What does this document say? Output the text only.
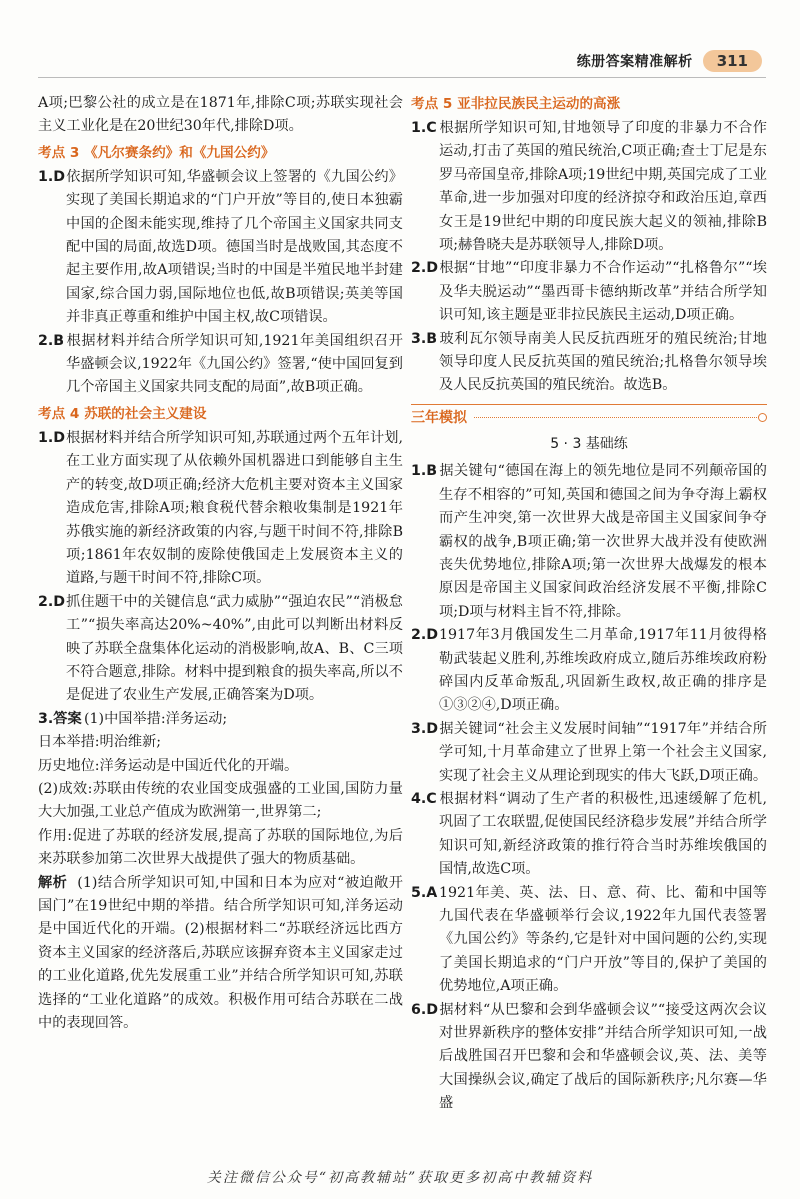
练册答案精准解析	311

A项;巴黎公社的成立是在1871年,排除C项;苏联实现社会主义工业化是在20世纪30年代,排除D项。

考点 3 《凡尔赛条约》和《九国公约》

1.D依据所学知识可知,华盛顿会议上签署的《九国公约》实现了美国长期追求的“门户开放”等目的,使日本独霸中国的企图未能实现,维持了几个帝国主义国家共同支配中国的局面,故选D项。德国当时是战败国,其态度不起主要作用,故A项错误;当时的中国是半殖民地半封建国家,综合国力弱,国际地位也低,故B项错误;英美等国并非真正尊重和维护中国主权,故C项错误。

2.B 根据材料并结合所学知识可知,1921年美国组织召开华盛顿会议,1922年《九国公约》签署,“使中国回复到几个帝国主义国家共同支配的局面”,故B项正确。

考点 4 苏联的社会主义建设

1.D根据材料并结合所学知识可知,苏联通过两个五年计划,在工业方面实现了从依赖外国机器进口到能够自主生产的转变,故D项正确;经济大危机主要对资本主义国家造成危害,排除A项;粮食税代替余粮收集制是1921年苏俄实施的新经济政策的内容,与题干时间不符,排除B项;1861年农奴制的废除使俄国走上发展资本主义的道路,与题干时间不符,排除C项。

2.D抓住题干中的关键信息“武力威胁”“强迫农民”“消极怠工”“损失率高达20%~40%”,由此可以判断出材料反映了苏联全盘集体化运动的消极影响,故A、B、C三项不符合题意,排除。材料中提到粮食的损失率高,所以不是促进了农业生产发展,正确答案为D项。

3.答案 (1)中国举措:洋务运动;

日本举措:明治维新;

历史地位:洋务运动是中国近代化的开端。

(2)成效:苏联由传统的农业国变成强盛的工业国,国防力量大大加强,工业总产值成为欧洲第一,世界第二;

作用:促进了苏联的经济发展,提高了苏联的国际地位,为后来苏联参加第二次世界大战提供了强大的物质基础。

解析 (1)结合所学知识可知,中国和日本为应对“被迫敞开国门”在19世纪中期的举措。结合所学知识可知,洋务运动是中国近代化的开端。(2)根据材料二“苏联经济远比西方资本主义国家的经济落后,苏联应该摒弃资本主义国家走过的工业化道路,优先发展重工业”并结合所学知识可知,苏联选择的“工业化道路”的成效。积极作用可结合苏联在二战中的表现回答。

考点 5 亚非拉民族民主运动的高涨

1.C 根据所学知识可知,甘地领导了印度的非暴力不合作运动,打击了英国的殖民统治,C项正确;查士丁尼是东罗马帝国皇帝,排除A项;19世纪中期,英国完成了工业革命,进一步加强对印度的经济掠夺和政治压迫,章西女王是19世纪中期的印度民族大起义的领袖,排除B项;赫鲁晓夫是苏联领导人,排除D项。

2.D根据“甘地”“印度非暴力不合作运动”“扎格鲁尔”“埃及华夫脱运动”“墨西哥卡德纳斯改革”并结合所学知识可知,该主题是亚非拉民族民主运动,D项正确。

3.B 玻利瓦尔领导南美人民反抗西班牙的殖民统治;甘地领导印度人民反抗英国的殖民统治;扎格鲁尔领导埃及人民反抗英国的殖民统治。故选B。

三年模拟
5 · 3 基础练

1.B 据关键句“德国在海上的领先地位是同不列颠帝国的生存不相容的”可知,英国和德国之间为争夺海上霸权而产生冲突,第一次世界大战是帝国主义国家间争夺霸权的战争,B项正确;第一次世界大战并没有使欧洲丧失优势地位,排除A项;第一次世界大战爆发的根本原因是帝国主义国家间政治经济发展不平衡,排除C项;D项与材料主旨不符,排除。

2.D1917年3月俄国发生二月革命,1917年11月彼得格勒武装起义胜利,苏维埃政府成立,随后苏维埃政府粉碎国内反革命叛乱,巩固新生政权,故正确的排序是①③②④,D项正确。

3.D据关键词“社会主义发展时间轴”“1917年”并结合所学可知,十月革命建立了世界上第一个社会主义国家,实现了社会主义从理论到现实的伟大飞跃,D项正确。

4.C 根据材料“调动了生产者的积极性,迅速缓解了危机,巩固了工农联盟,促使国民经济稳步发展”并结合所学知识可知,新经济政策的推行符合当时苏维埃俄国的国情,故选C项。

5.A 1921年美、英、法、日、意、荷、比、葡和中国等九国代表在华盛顿举行会议,1922年九国代表签署《九国公约》等条约,它是针对中国问题的公约,实现了美国长期追求的“门户开放”等目的,保护了美国的优势地位,A项正确。

6.D据材料“从巴黎和会到华盛顿会议”“接受这两次会议对世界新秩序的整体安排”并结合所学知识可知,一战后战胜国召开巴黎和会和华盛顿会议,英、法、美等大国操纵会议,确定了战后的国际新秩序;凡尔赛—华盛

关注微信公众号“初高教辅站”获取更多初高中教辅资料
